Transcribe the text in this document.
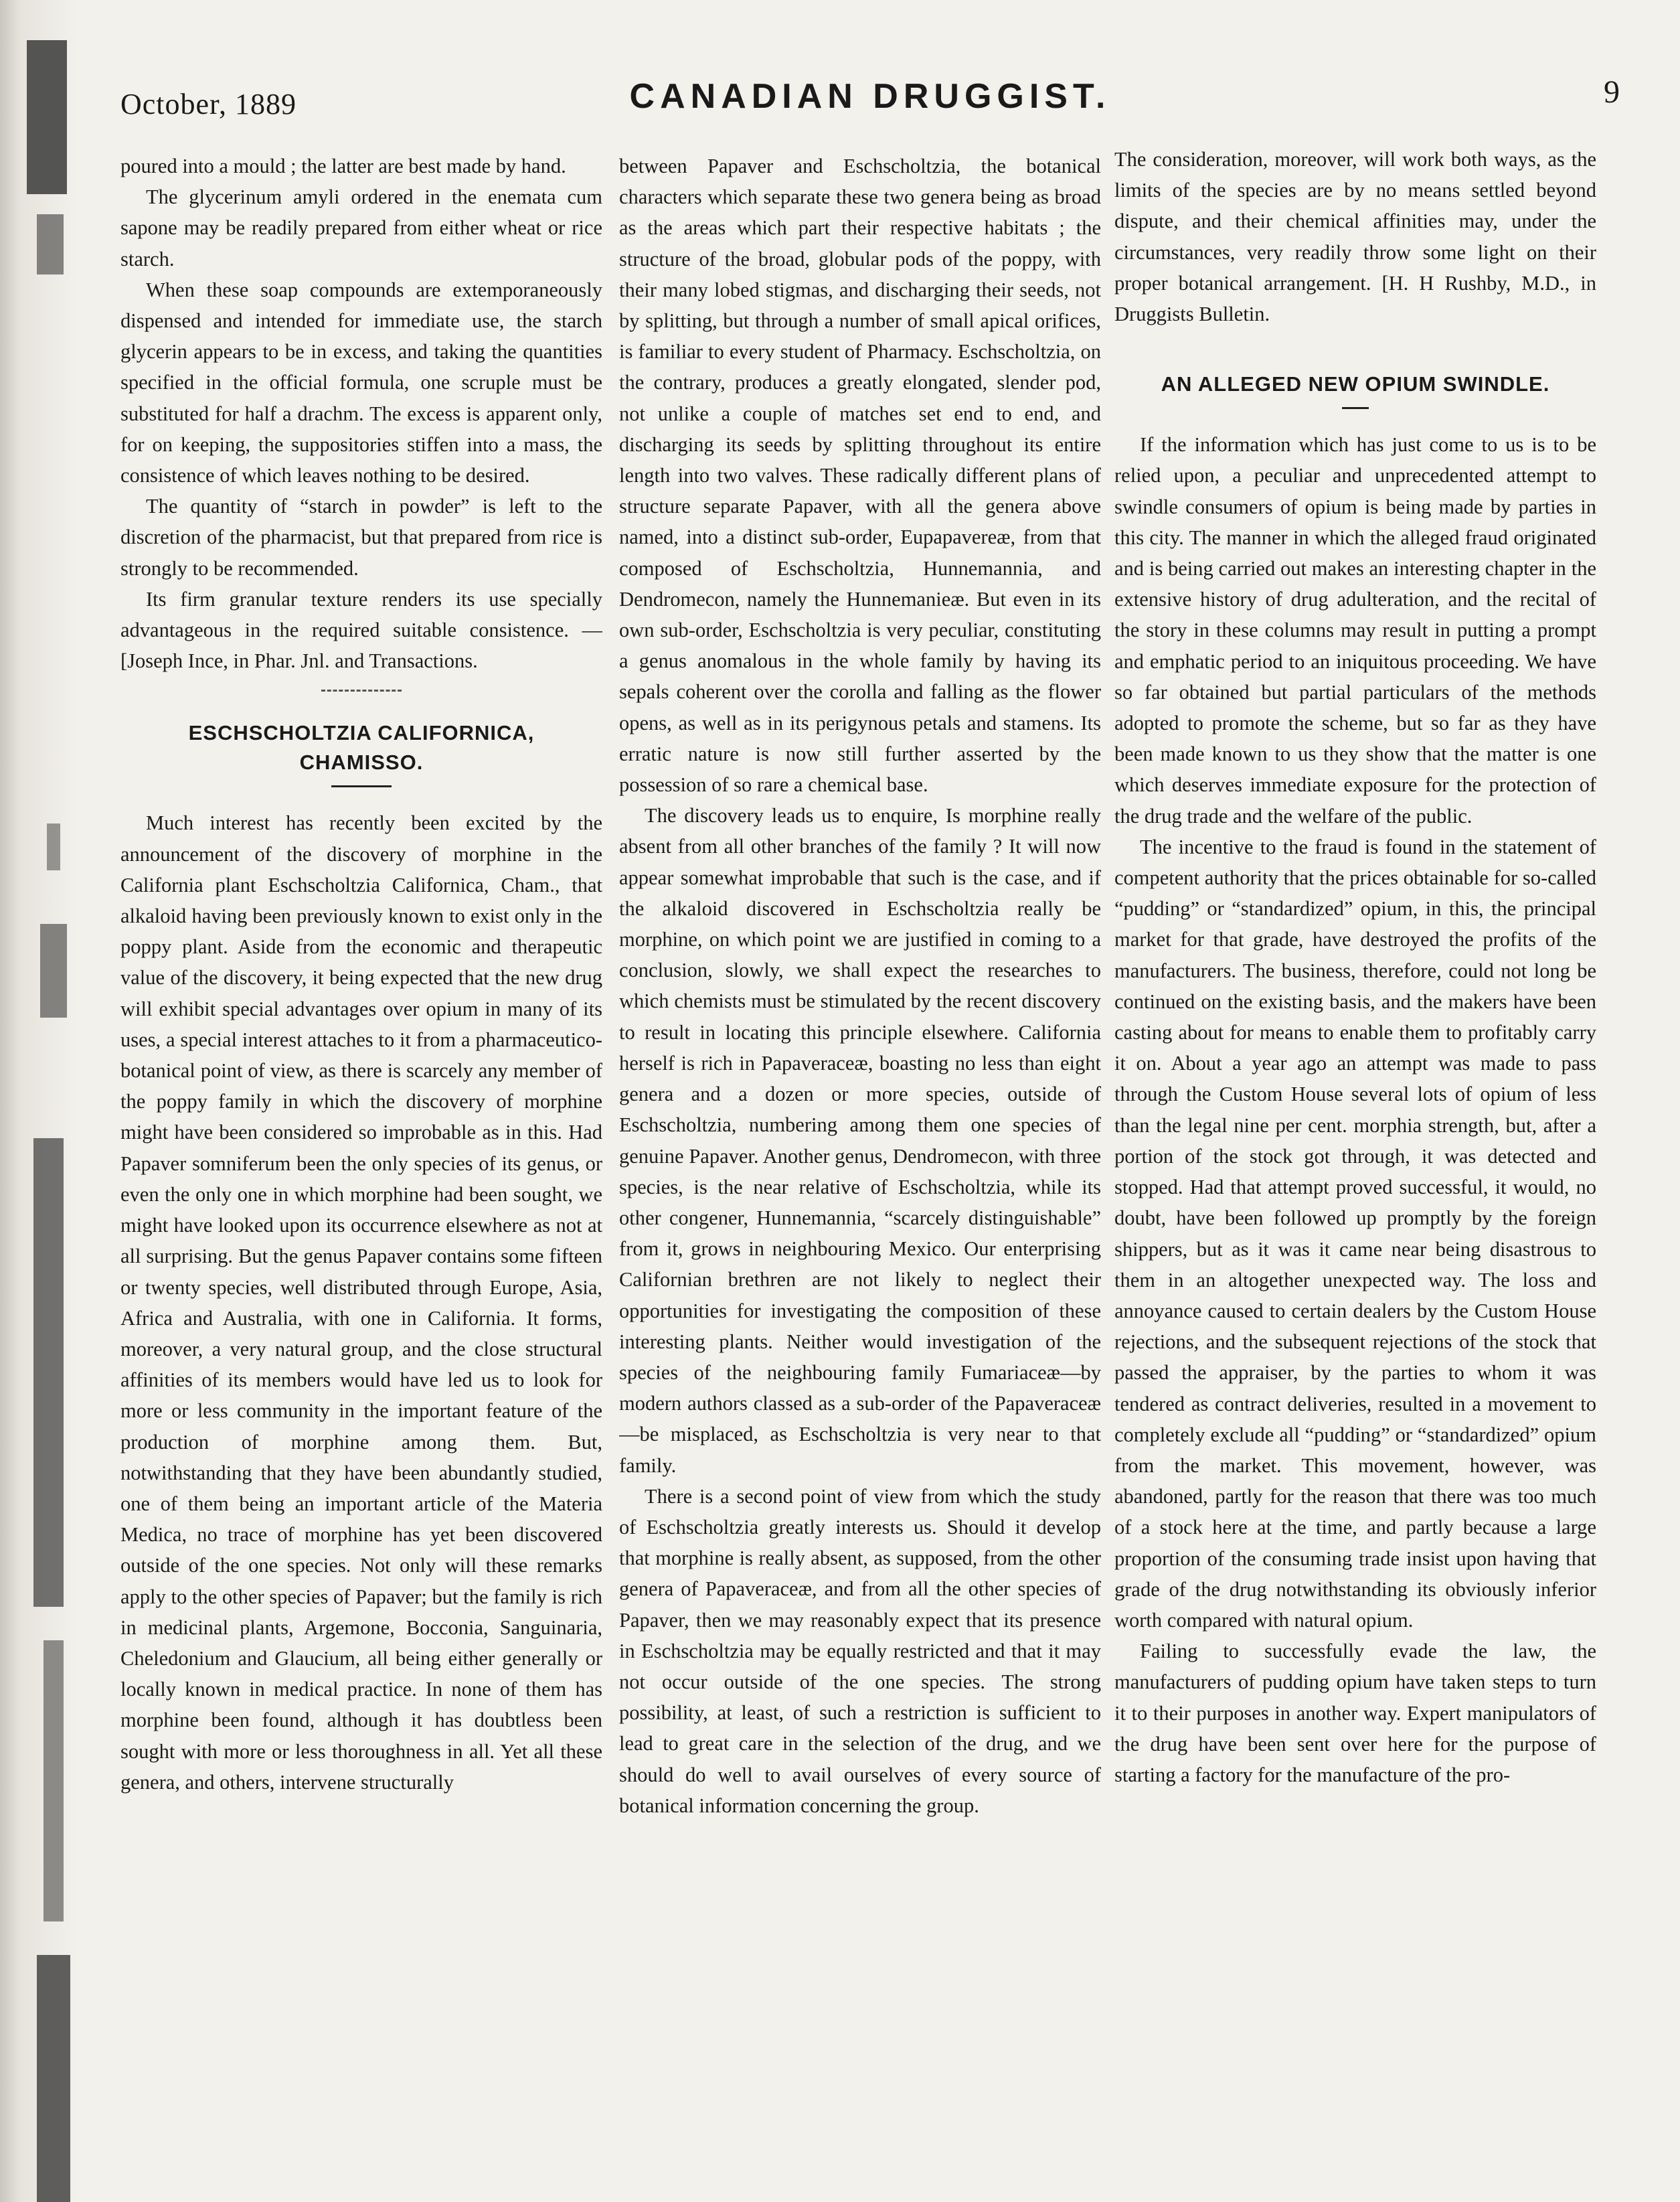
October, 1889	CANADIAN DRUGGIST.	9

poured into a mould ; the latter are best made by hand.

The glycerinum amyli ordered in the enemata cum sapone may be readily prepared from either wheat or rice starch.

When these soap compounds are extemporaneously dispensed and intended for immediate use, the starch glycerin appears to be in excess, and taking the quantities specified in the official formula, one scruple must be substituted for half a drachm. The excess is apparent only, for on keeping, the suppositories stiffen into a mass, the consistence of which leaves nothing to be desired.

The quantity of “starch in powder” is left to the discretion of the pharmacist, but that prepared from rice is strongly to be recommended.

Its firm granular texture renders its use specially advantageous in the required suitable consistence. —[Joseph Ince, in Phar. Jnl. and Transactions.

ESCHSCHOLTZIA CALIFORNICA,
CHAMISSO.

Much interest has recently been excited by the announcement of the discovery of morphine in the California plant Eschscholtzia Californica, Cham., that alkaloid having been previously known to exist only in the poppy plant. Aside from the economic and therapeutic value of the discovery, it being expected that the new drug will exhibit special advantages over opium in many of its uses, a special interest attaches to it from a pharmaceutico-botanical point of view, as there is scarcely any member of the poppy family in which the discovery of morphine might have been considered so improbable as in this. Had Papaver somniferum been the only species of its genus, or even the only one in which morphine had been sought, we might have looked upon its occurrence elsewhere as not at all surprising. But the genus Papaver contains some fifteen or twenty species, well distributed through Europe, Asia, Africa and Australia, with one in California. It forms, moreover, a very natural group, and the close structural affinities of its members would have led us to look for more or less community in the important feature of the production of morphine among them. But, notwithstanding that they have been abundantly studied, one of them being an important article of the Materia Medica, no trace of morphine has yet been discovered outside of the one species. Not only will these remarks apply to the other species of Papaver; but the family is rich in medicinal plants, Argemone, Bocconia, Sanguinaria, Cheledonium and Glaucium, all being either generally or locally known in medical practice. In none of them has morphine been found, although it has doubtless been sought with more or less thoroughness in all. Yet all these genera, and others, intervene structurally

between Papaver and Eschscholtzia, the botanical characters which separate these two genera being as broad as the areas which part their respective habitats ; the structure of the broad, globular pods of the poppy, with their many lobed stigmas, and discharging their seeds, not by splitting, but through a number of small apical orifices, is familiar to every student of Pharmacy. Eschscholtzia, on the contrary, produces a greatly elongated, slender pod, not unlike a couple of matches set end to end, and discharging its seeds by splitting throughout its entire length into two valves. These radically different plans of structure separate Papaver, with all the genera above named, into a distinct sub-order, Eupapavereæ, from that composed of Eschscholtzia, Hunnemannia, and Dendromecon, namely the Hunnemanieæ. But even in its own sub-order, Eschscholtzia is very peculiar, constituting a genus anomalous in the whole family by having its sepals coherent over the corolla and falling as the flower opens, as well as in its perigynous petals and stamens. Its erratic nature is now still further asserted by the possession of so rare a chemical base.

The discovery leads us to enquire, Is morphine really absent from all other branches of the family ? It will now appear somewhat improbable that such is the case, and if the alkaloid discovered in Eschscholtzia really be morphine, on which point we are justified in coming to a conclusion, slowly, we shall expect the researches to which chemists must be stimulated by the recent discovery to result in locating this principle elsewhere. California herself is rich in Papaveraceæ, boasting no less than eight genera and a dozen or more species, outside of Eschscholtzia, numbering among them one species of genuine Papaver. Another genus, Dendromecon, with three species, is the near relative of Eschscholtzia, while its other congener, Hunnemannia, “scarcely distinguishable” from it, grows in neighbouring Mexico. Our enterprising Californian brethren are not likely to neglect their opportunities for investigating the composition of these interesting plants. Neither would investigation of the species of the neighbouring family Fumariaceæ—by modern authors classed as a sub-order of the Papaveraceæ—be misplaced, as Eschscholtzia is very near to that family.

There is a second point of view from which the study of Eschscholtzia greatly interests us. Should it develop that morphine is really absent, as supposed, from the other genera of Papaveraceæ, and from all the other species of Papaver, then we may reasonably expect that its presence in Eschscholtzia may be equally restricted and that it may not occur outside of the one species. The strong possibility, at least, of such a restriction is sufficient to lead to great care in the selection of the drug, and we should do well to avail ourselves of every source of botanical information concerning the group.

The consideration, moreover, will work both ways, as the limits of the species are by no means settled beyond dispute, and their chemical affinities may, under the circumstances, very readily throw some light on their proper botanical arrangement. [H. H Rushby, M.D., in Druggists Bulletin.

AN ALLEGED NEW OPIUM SWINDLE.

If the information which has just come to us is to be relied upon, a peculiar and unprecedented attempt to swindle consumers of opium is being made by parties in this city. The manner in which the alleged fraud originated and is being carried out makes an interesting chapter in the extensive history of drug adulteration, and the recital of the story in these columns may result in putting a prompt and emphatic period to an iniquitous proceeding. We have so far obtained but partial particulars of the methods adopted to promote the scheme, but so far as they have been made known to us they show that the matter is one which deserves immediate exposure for the protection of the drug trade and the welfare of the public.

The incentive to the fraud is found in the statement of competent authority that the prices obtainable for so-called “pudding” or “standardized” opium, in this, the principal market for that grade, have destroyed the profits of the manufacturers. The business, therefore, could not long be continued on the existing basis, and the makers have been casting about for means to enable them to profitably carry it on. About a year ago an attempt was made to pass through the Custom House several lots of opium of less than the legal nine per cent. morphia strength, but, after a portion of the stock got through, it was detected and stopped. Had that attempt proved successful, it would, no doubt, have been followed up promptly by the foreign shippers, but as it was it came near being disastrous to them in an altogether unexpected way. The loss and annoyance caused to certain dealers by the Custom House rejections, and the subsequent rejections of the stock that passed the appraiser, by the parties to whom it was tendered as contract deliveries, resulted in a movement to completely exclude all “pudding” or “standardized” opium from the market. This movement, however, was abandoned, partly for the reason that there was too much of a stock here at the time, and partly because a large proportion of the consuming trade insist upon having that grade of the drug notwithstanding its obviously inferior worth compared with natural opium.

Failing to successfully evade the law, the manufacturers of pudding opium have taken steps to turn it to their purposes in another way. Expert manipulators of the drug have been sent over here for the purpose of starting a factory for the manufacture of the pro-
